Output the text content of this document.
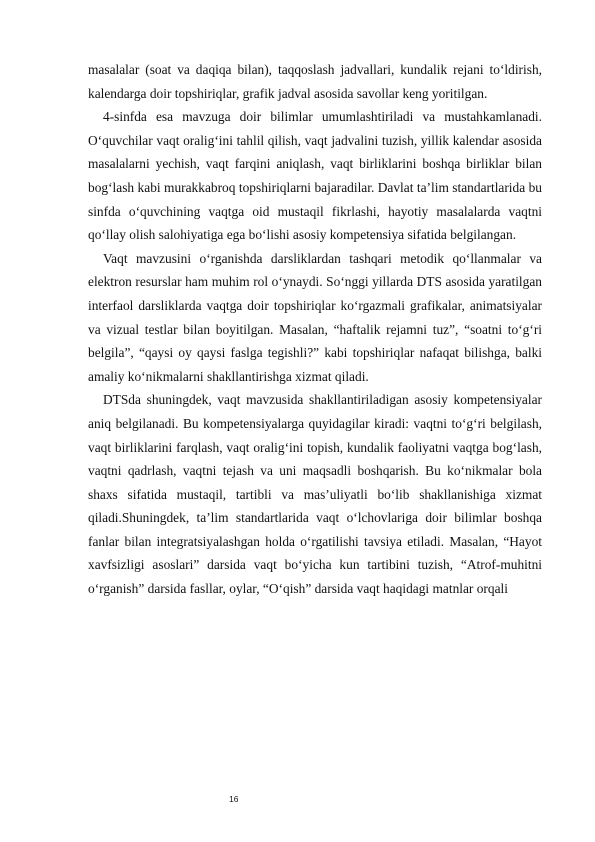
masalalar (soat va daqiqa bilan), taqqoslash jadvallari, kundalik rejani to‘ldirish, kalendarga doir topshiriqlar, grafik jadval asosida savollar keng yoritilgan.

4-sinfda esa mavzuga doir bilimlar umumlashtiriladi va mustahkamlanadi. O‘quvchilar vaqt oralig‘ini tahlil qilish, vaqt jadvalini tuzish, yillik kalendar asosida masalalarni yechish, vaqt farqini aniqlash, vaqt birliklarini boshqa birliklar bilan bog‘lash kabi murakkabroq topshiriqlarni bajaradilar. Davlat ta’lim standartlarida bu sinfda o‘quvchining vaqtga oid mustaqil fikrlashi, hayotiy masalalarda vaqtni qo‘llay olish salohiyatiga ega bo‘lishi asosiy kompetensiya sifatida belgilangan.

Vaqt mavzusini o‘rganishda darsliklardan tashqari metodik qo‘llanmalar va elektron resurslar ham muhim rol o‘ynaydi. So‘nggi yillarda DTS asosida yaratilgan interfaol darsliklarda vaqtga doir topshiriqlar ko‘rgazmali grafikalar, animatsiyalar va vizual testlar bilan boyitilgan. Masalan, “haftalik rejamni tuz”, “soatni to‘g‘ri belgila”, “qaysi oy qaysi faslga tegishli?” kabi topshiriqlar nafaqat bilishga, balki amaliy ko‘nikmalarni shakllantirishga xizmat qiladi.

DTSda shuningdek, vaqt mavzusida shakllantiriladigan asosiy kompetensiyalar aniq belgilanadi. Bu kompetensiyalarga quyidagilar kiradi: vaqtni to‘g‘ri belgilash, vaqt birliklarini farqlash, vaqt oralig‘ini topish, kundalik faoliyatni vaqtga bog‘lash, vaqtni qadrlash, vaqtni tejash va uni maqsadli boshqarish. Bu ko‘nikmalar bola shaxs sifatida mustaqil, tartibli va mas’uliyatli bo‘lib shakllanishiga xizmat qiladi.Shuningdek, ta’lim standartlarida vaqt o‘lchovlariga doir bilimlar boshqa fanlar bilan integratsiyalashgan holda o‘rgatilishi tavsiya etiladi. Masalan, “Hayot xavfsizligi asoslari” darsida vaqt bo‘yicha kun tartibini tuzish, “Atrof-muhitni o‘rganish” darsida fasllar, oylar, “O‘qish” darsida vaqt haqidagi matnlar orqali

16
